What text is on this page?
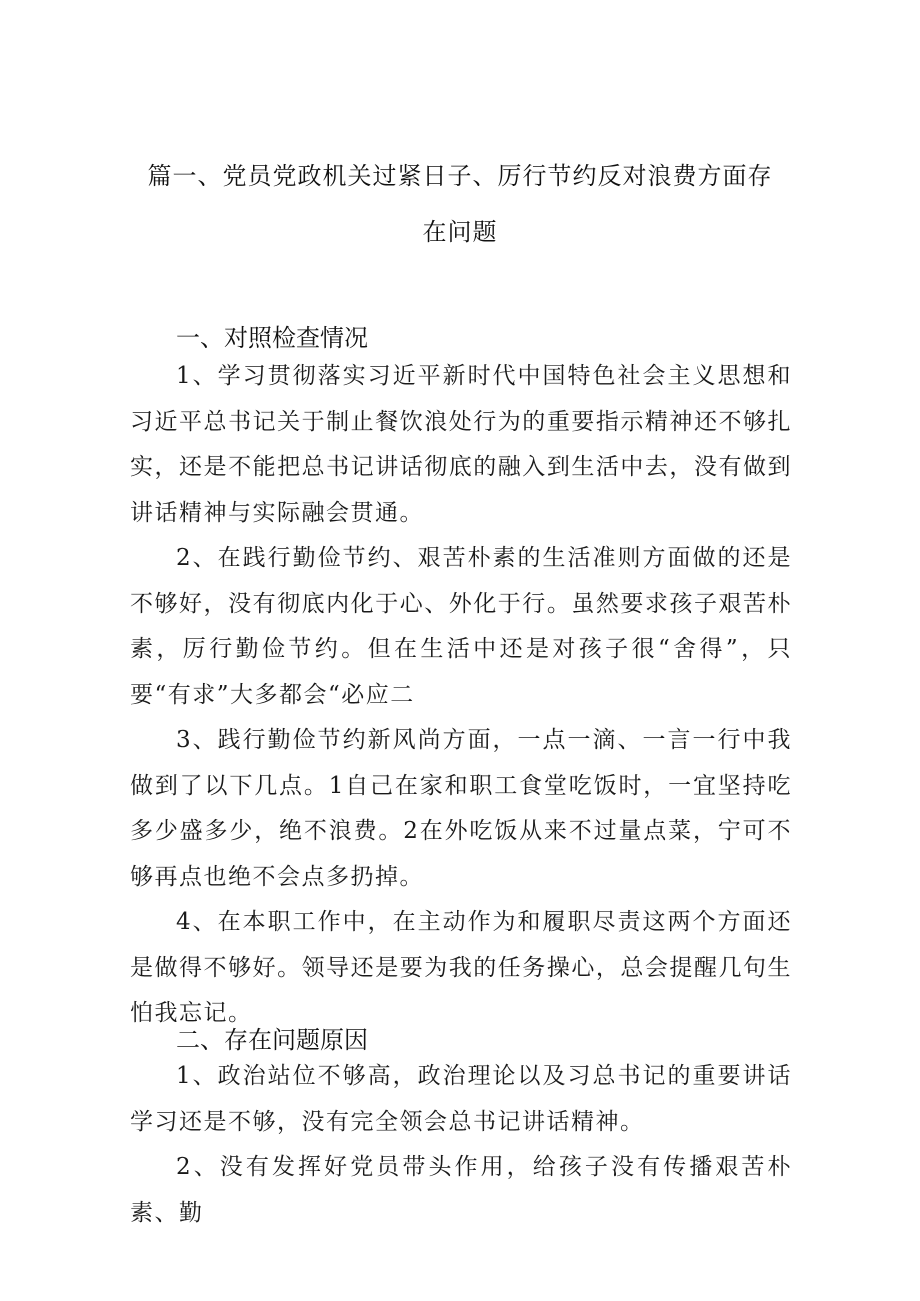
篇一、党员党政机关过紧日子、厉行节约反对浪费方面存
在问题
一、对照检查情况
1、学习贯彻落实习近平新时代中国特色社会主义思想和习近平总书记关于制止餐饮浪处行为的重要指示精神还不够扎实，还是不能把总书记讲话彻底的融入到生活中去，没有做到讲话精神与实际融会贯通。
2、在践行勤俭节约、艰苦朴素的生活准则方面做的还是不够好，没有彻底内化于心、外化于行。虽然要求孩子艰苦朴素，厉行勤俭节约。但在生活中还是对孩子很“舍得”，只要“有求”大多都会“必应二
3、践行勤俭节约新风尚方面，一点一滴、一言一行中我做到了以下几点。1自己在家和职工食堂吃饭时，一宜坚持吃多少盛多少，绝不浪费。2在外吃饭从来不过量点菜，宁可不够再点也绝不会点多扔掉。
4、在本职工作中，在主动作为和履职尽责这两个方面还是做得不够好。领导还是要为我的任务操心，总会提醒几句生怕我忘记。
二、存在问题原因
1、政治站位不够高，政治理论以及习总书记的重要讲话学习还是不够，没有完全领会总书记讲话精神。
2、没有发挥好党员带头作用，给孩子没有传播艰苦朴素、勤
